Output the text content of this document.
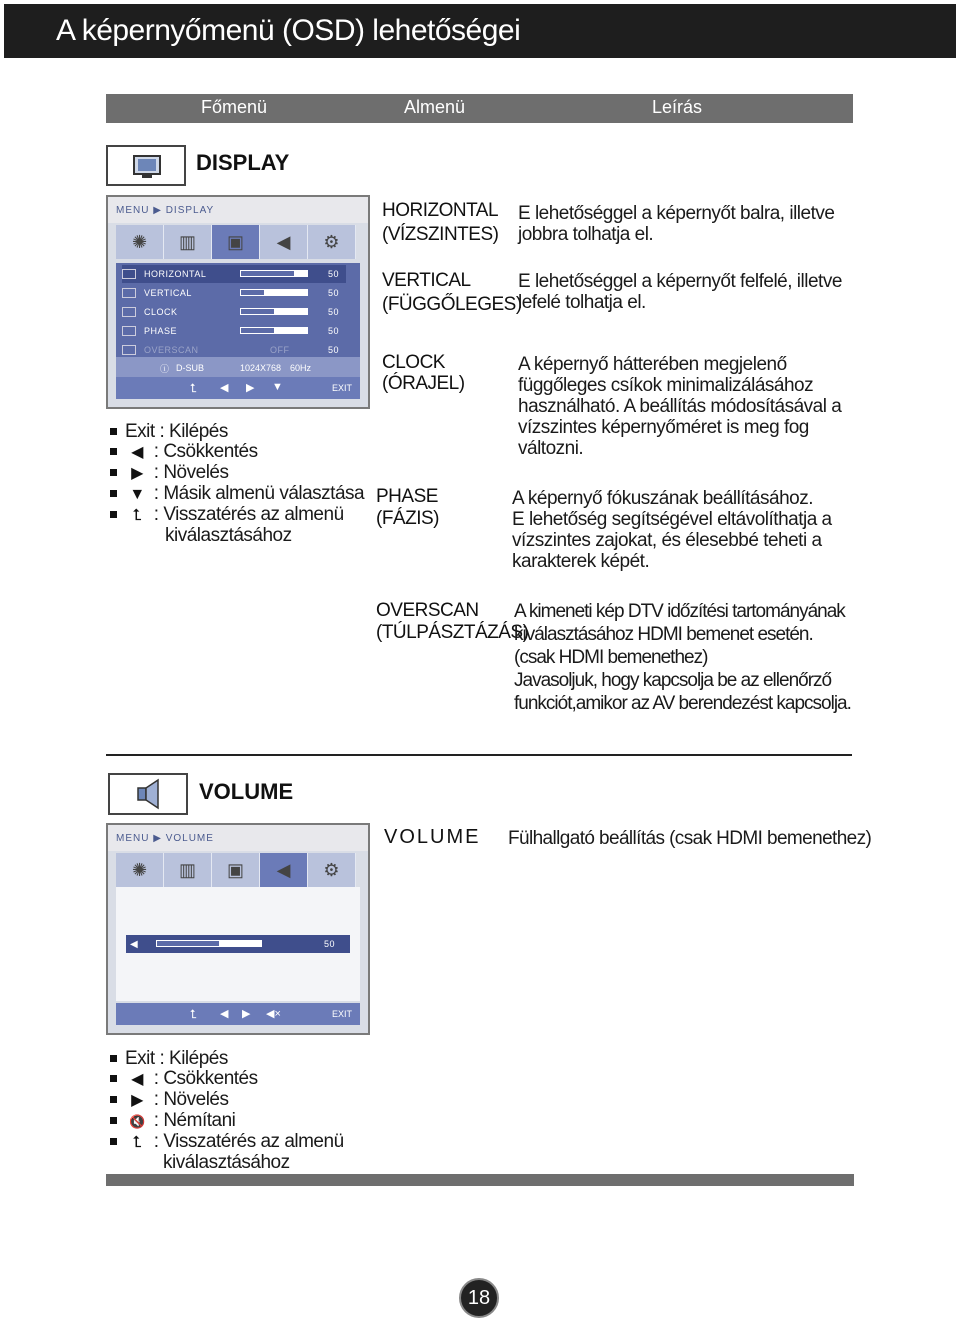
A képernyőmenü (OSD) lehetőségei
Főmenü	Almenü	Leírás
DISPLAY
MENU ▶ DISPLAY
✺	▥	▣	◀	⚙
HORIZONTAL	50
VERTICAL	50
CLOCK	50
PHASE	50
OVERSCAN	OFF	50
ⓘ D-SUB	1024X768 60Hz
⮤ ◀ ▶ ▼	EXIT
Exit : Kilépés
◀ : Csökkentés
▶ : Növelés
▼ : Másik almenü választása
⮤ : Visszatérés az almenü
kiválasztásához
HORIZONTAL
(VÍZSZINTES)
E lehetőséggel a képernyőt balra, illetve
jobbra tolhatja el.
VERTICAL
(FÜGGŐLEGES)
E lehetőséggel a képernyőt felfelé, illetve
lefelé tolhatja el.
CLOCK
(ÓRAJEL)
A képernyő hátterében megjelenő
függőleges csíkok minimalizálásához
használható. A beállítás módosításával a
vízszintes képernyőméret is meg fog
változni.
PHASE
(FÁZIS)
A képernyő fókuszának beállításához.
E lehetőség segítségével eltávolíthatja a
vízszintes zajokat, és élesebbé teheti a
karakterek képét.
OVERSCAN
(TÚLPÁSZTÁZÁS)
A kimeneti kép DTV időzítési tartományának
kiválasztásához HDMI bemenet esetén.
(csak HDMI bemenethez)
Javasoljuk, hogy kapcsolja be az ellenőrző
funkciót,amikor az AV berendezést kapcsolja.
VOLUME
MENU ▶ VOLUME
✺	▥	▣	◀	⚙
◀	50
⮤ ◀ ▶ ◀×	EXIT
VOLUME Fülhallgató beállítás (csak HDMI bemenethez)
Exit : Kilépés
◀ : Csökkentés
▶ : Növelés
🔇 : Némítani
⮤ : Visszatérés az almenü
kiválasztásához
18
